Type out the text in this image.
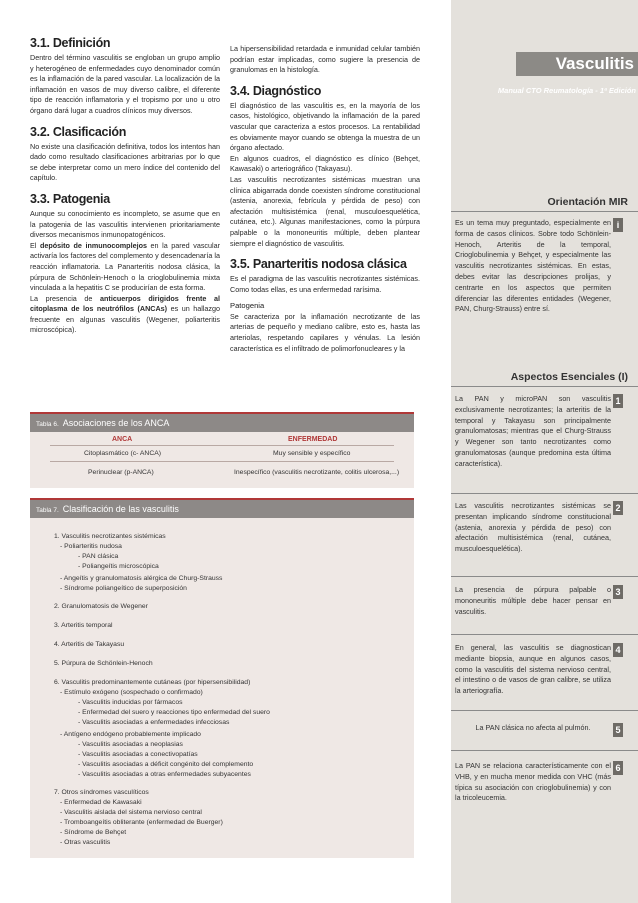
3.1. Definición

Dentro del término vasculitis se engloban un grupo amplio y heterogéneo de enfermedades cuyo denominador común es la inflamación de la pared vascular. La localización de la inflamación en vasos de muy diverso calibre, el diferente tipo de reacción inflamatoria y el tropismo por uno u otro órgano dará lugar a cuadros clínicos muy diversos.

3.2. Clasificación

No existe una clasificación definitiva, todos los intentos han dado como resultado clasificaciones arbitrarias por lo que se debe interpretar como un mero índice del contenido del capítulo.

3.3. Patogenia

Aunque su conocimiento es incompleto, se asume que en la patogenia de las vasculitis intervienen prioritariamente diversos mecanismos inmunopatogénicos.

El depósito de inmunocomplejos en la pared vascular activaría los factores del complemento y desencadenaría la reacción inflamatoria. La Panarteritis nodosa clásica, la púrpura de Schönlein-Henoch o la crioglobulinemia mixta vinculada a la hepatitis C se producirían de esta forma.

La presencia de anticuerpos dirigidos frente al citoplasma de los neutrófilos (ANCAs) es un hallazgo frecuente en algunas vasculitis (Wegener, poliarteritis microscópica).

La hipersensibilidad retardada e inmunidad celular también podrían estar implicadas, como sugiere la presencia de granulomas en la histología.

3.4. Diagnóstico

El diagnóstico de las vasculitis es, en la mayoría de los casos, histológico, objetivando la inflamación de la pared vascular que caracteriza a estos procesos. La rentabilidad es obviamente mayor cuando se obtenga la muestra de un órgano afectado.

En algunos cuadros, el diagnóstico es clínico (Behçet, Kawasaki) o arteriográfico (Takayasu).

Las vasculitis necrotizantes sistémicas muestran una clínica abigarrada donde coexisten síndrome constitucional (astenia, anorexia, febrícula y pérdida de peso) con afectación multisistémica (renal, musculoesquelética, cutánea, etc.). Algunas manifestaciones, como la púrpura palpable o la mononeuritis múltiple, deben plantear siempre el diagnóstico de vasculitis.

3.5. Panarteritis nodosa clásica

Es el paradigma de las vasculitis necrotizantes sistémicas. Como todas ellas, es una enfermedad rarísima.

Patogenia

Se caracteriza por la inflamación necrotizante de las arterias de pequeño y mediano calibre, esto es, hasta las arteriolas, respetando capilares y vénulas. La lesión característica es el infiltrado de polimorfonucleares y la

Vasculitis
Manual CTO Reumatología - 1ª Edición
Orientación MIR
i
Es un tema muy preguntado, especialmente en forma de casos clínicos. Sobre todo Schönlein-Henoch, Arteritis de la temporal, Crioglobulinemia y Behçet, y especialmente las vasculitis necrotizantes sistémicas. En estas, debes evitar las descripciones prolijas, y centrarte en los aspectos que permiten diferenciar las diferentes entidades (Wegener, PAN, Churg-Strauss) entre sí.
Aspectos Esenciales (I)
1
La PAN y microPAN son vasculitis exclusivamente necrotizantes; la arteritis de la temporal y Takayasu son principalmente granulomatosas; mientras que el Churg-Strauss y Wegener son tanto necrotizantes como granulomatosas (aunque predomina esta última característica).
2
Las vasculitis necrotizantes sistémicas se presentan implicando síndrome constitucional (astenia, anorexia y pérdida de peso) con afectación multisistémica (renal, cutánea, musculoesquelética).
3
La presencia de púrpura palpable o mononeuritis múltiple debe hacer pensar en vasculitis.
4
En general, las vasculitis se diagnostican mediante biopsia, aunque en algunos casos, como la vasculitis del sistema nervioso central, el intestino o de vasos de gran calibre, se utiliza la arteriografía.
5
La PAN clásica no afecta al pulmón.
6
La PAN se relaciona característicamente con el VHB, y en mucha menor medida con VHC (más típica su asociación con crioglobulinemia) y con la tricoleucemia.
Tabla 6. Asociaciones de los ANCA
ANCA	ENFERMEDAD
Citoplasmático (c- ANCA)	Muy sensible y específico
Perinuclear (p-ANCA)	Inespecífico (vasculitis necrotizante, colitis ulcerosa,...)
Tabla 7. Clasificación de las vasculitis
1. Vasculitis necrotizantes sistémicas
- Poliarteritis nudosa
- PAN clásica
- Poliangeítis microscópica
- Angeítis y granulomatosis alérgica de Churg-Strauss
- Síndrome poliangeítico de superposición
2. Granulomatosis de Wegener
3. Arteritis temporal
4. Arteritis de Takayasu
5. Púrpura de Schönlein-Henoch
6. Vasculitis predominantemente cutáneas (por hipersensibilidad)
- Estímulo exógeno (sospechado o confirmado)
- Vasculitis inducidas por fármacos
- Enfermedad del suero y reacciones tipo enfermedad del suero
- Vasculitis asociadas a enfermedades infecciosas
- Antígeno endógeno probablemente implicado
- Vasculitis asociadas a neoplasias
- Vasculitis asociadas a conectivopatías
- Vasculitis asociadas a déficit congénito del complemento
- Vasculitis asociadas a otras enfermedades subyacentes
7. Otros síndromes vasculíticos
- Enfermedad de Kawasaki
- Vasculitis aislada del sistema nervioso central
- Tromboangeítis obliterante (enfermedad de Buerger)
- Síndrome de Behçet
- Otras vasculitis
